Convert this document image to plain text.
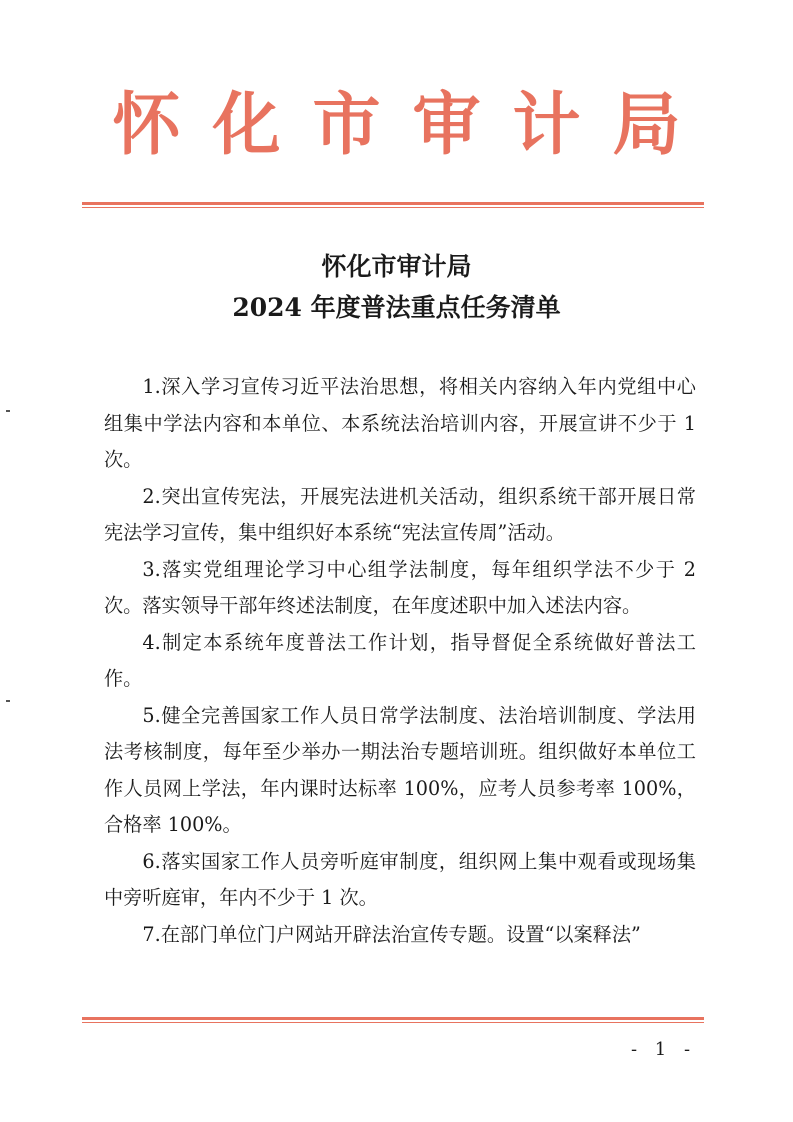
怀化市审计局
怀化市审计局
2024 年度普法重点任务清单

1.深入学习宣传习近平法治思想，将相关内容纳入年内党组中心组集中学法内容和本单位、本系统法治培训内容，开展宣讲不少于 1 次。

2.突出宣传宪法，开展宪法进机关活动，组织系统干部开展日常宪法学习宣传，集中组织好本系统“宪法宣传周”活动。

3.落实党组理论学习中心组学法制度，每年组织学法不少于 2 次。落实领导干部年终述法制度，在年度述职中加入述法内容。

4.制定本系统年度普法工作计划，指导督促全系统做好普法工作。

5.健全完善国家工作人员日常学法制度、法治培训制度、学法用法考核制度，每年至少举办一期法治专题培训班。组织做好本单位工作人员网上学法，年内课时达标率 100%，应考人员参考率 100%，合格率 100%。

6.落实国家工作人员旁听庭审制度，组织网上集中观看或现场集中旁听庭审，年内不少于 1 次。

7.在部门单位门户网站开辟法治宣传专题。设置“以案释法”

- 1 -
